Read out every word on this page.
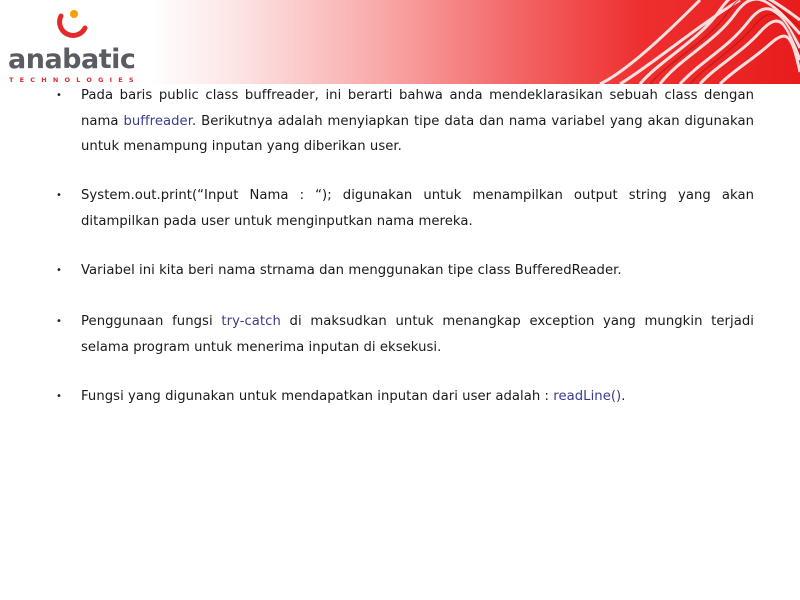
anabatic
TECHNOLOGIES
• Pada baris public class buffreader, ini berarti bahwa anda mendeklarasikan sebuah class dengan nama buffreader. Berikutnya adalah menyiapkan tipe data dan nama variabel yang akan digunakan untuk menampung inputan yang diberikan user.

• System.out.print(“Input Nama : “); digunakan untuk menampilkan output string yang akan ditampilkan pada user untuk menginputkan nama mereka.

• Variabel ini kita beri nama strnama dan menggunakan tipe class BufferedReader.

• Penggunaan fungsi try-catch di maksudkan untuk menangkap exception yang mungkin terjadi selama program untuk menerima inputan di eksekusi.

• Fungsi yang digunakan untuk mendapatkan inputan dari user adalah : readLine().
